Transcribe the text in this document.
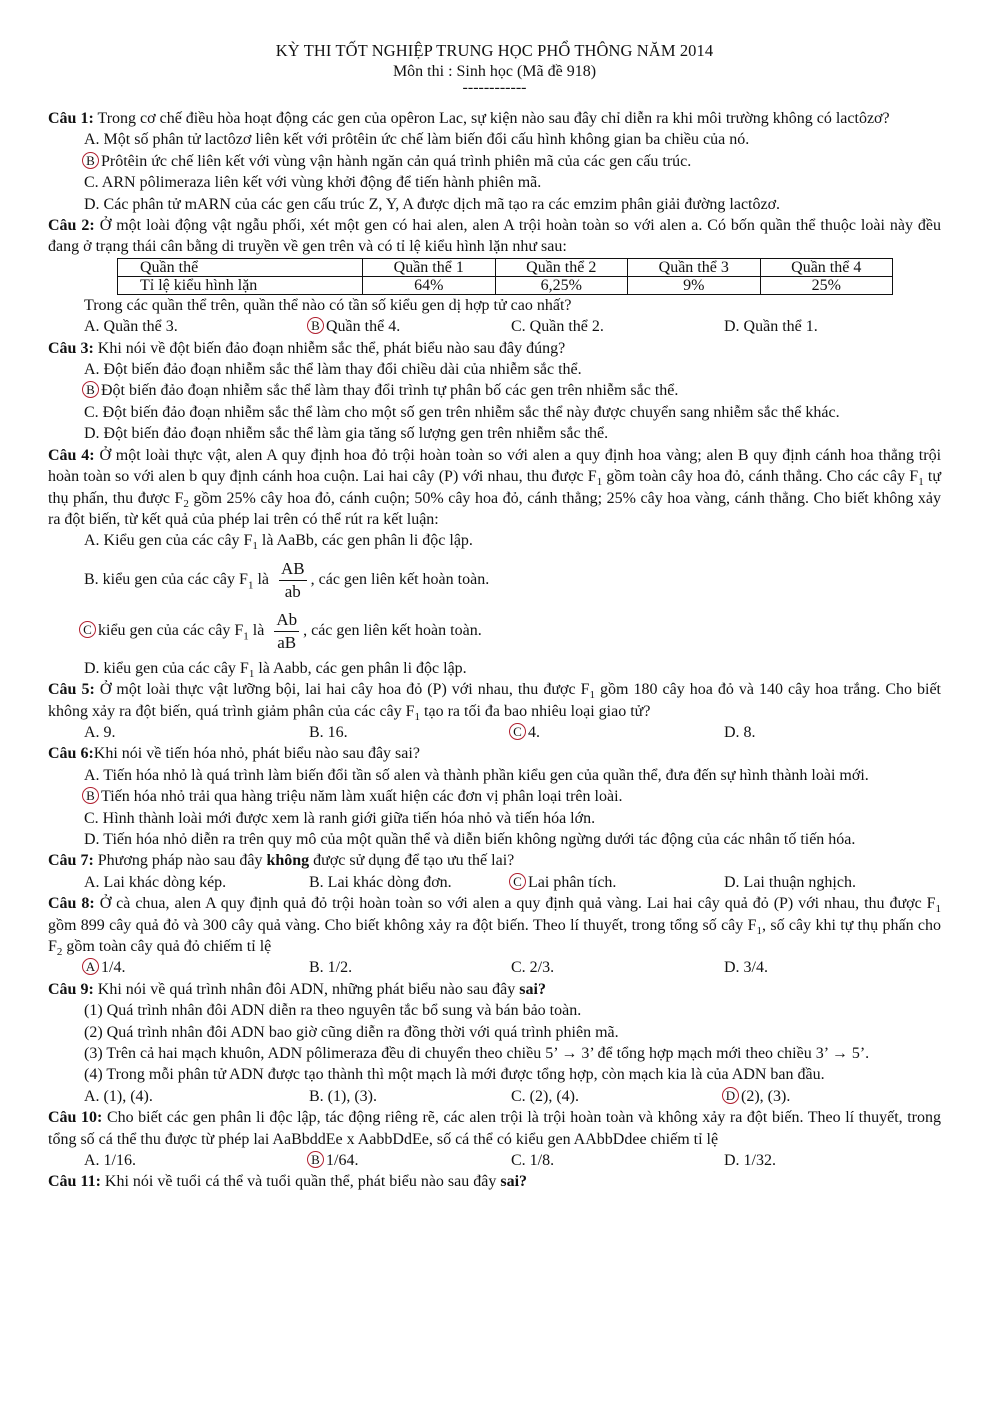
KỲ THI TỐT NGHIỆP TRUNG HỌC PHỔ THÔNG NĂM 2014
Môn thi : Sinh học (Mã đề 918)
------------

Câu 1: Trong cơ chế điều hòa hoạt động các gen của opêron Lac, sự kiện nào sau đây chỉ diễn ra khi môi trường không có lactôzơ?

A. Một số phân tử lactôzơ liên kết với prôtêin ức chế làm biến đổi cấu hình không gian ba chiều của nó.

B Prôtêin ức chế liên kết với vùng vận hành ngăn cản quá trình phiên mã của các gen cấu trúc.

C. ARN pôlimeraza liên kết với vùng khởi động để tiến hành phiên mã.

D. Các phân tử mARN của các gen cấu trúc Z, Y, A được dịch mã tạo ra các emzim phân giải đường lactôzơ.

Câu 2: Ở một loài động vật ngẫu phối, xét một gen có hai alen, alen A trội hoàn toàn so với alen a. Có bốn quần thể thuộc loài này đều đang ở trạng thái cân bằng di truyền về gen trên và có tỉ lệ kiểu hình lặn như sau:

Quần thể	Quần thể 1	Quần thể 2	Quần thể 3	Quần thể 4
Tỉ lệ kiểu hình lặn	64%	6,25%	9%	25%

Trong các quần thể trên, quần thể nào có tần số kiểu gen dị hợp tử cao nhất?

A. Quần thể 3.	B Quần thể 4.	C. Quần thể 2.	D. Quần thể 1.

Câu 3: Khi nói về đột biến đảo đoạn nhiễm sắc thể, phát biểu nào sau đây đúng?

A. Đột biến đảo đoạn nhiễm sắc thể làm thay đổi chiều dài của nhiễm sắc thể.

B Đột biến đảo đoạn nhiễm sắc thể làm thay đổi trình tự phân bố các gen trên nhiễm sắc thể.

C. Đột biến đảo đoạn nhiễm sắc thể làm cho một số gen trên nhiễm sắc thể này được chuyển sang nhiễm sắc thể khác.

D. Đột biến đảo đoạn nhiễm sắc thể làm gia tăng số lượng gen trên nhiễm sắc thể.

Câu 4: Ở một loài thực vật, alen A quy định hoa đỏ trội hoàn toàn so với alen a quy định hoa vàng; alen B quy định cánh hoa thẳng trội hoàn toàn so với alen b quy định cánh hoa cuộn. Lai hai cây (P) với nhau, thu được $F_1$ gồm toàn cây hoa đỏ, cánh thẳng. Cho các cây $F_1$ tự thụ phấn, thu được $F_2$ gồm 25% cây hoa đỏ, cánh cuộn; 50% cây hoa đỏ, cánh thẳng; 25% cây hoa vàng, cánh thẳng. Cho biết không xảy ra đột biến, từ kết quả của phép lai trên có thể rút ra kết luận:

A. Kiểu gen của các cây $F_1$ là AaBb, các gen phân li độc lập.

B. kiểu gen của các cây $F_1$ là $\frac{AB}{ab}$ , các gen liên kết hoàn toàn.

C kiểu gen của các cây $F_1$ là $\frac{Ab}{aB}$ , các gen liên kết hoàn toàn.

D. kiểu gen của các cây $F_1$ là Aabb, các gen phân li độc lập.

Câu 5: Ở một loài thực vật lưỡng bội, lai hai cây hoa đỏ (P) với nhau, thu được $F_1$ gồm 180 cây hoa đỏ và 140 cây hoa trắng. Cho biết không xảy ra đột biến, quá trình giảm phân của các cây $F_1$ tạo ra tối đa bao nhiêu loại giao tử?

A. 9.	B. 16.	C 4.	D. 8.

Câu 6:Khi nói về tiến hóa nhỏ, phát biểu nào sau đây sai?

A. Tiến hóa nhỏ là quá trình làm biến đổi tần số alen và thành phần kiểu gen của quần thể, đưa đến sự hình thành loài mới.

B Tiến hóa nhỏ trải qua hàng triệu năm làm xuất hiện các đơn vị phân loại trên loài.

C. Hình thành loài mới được xem là ranh giới giữa tiến hóa nhỏ và tiến hóa lớn.

D. Tiến hóa nhỏ diễn ra trên quy mô của một quần thể và diễn biến không ngừng dưới tác động của các nhân tố tiến hóa.

Câu 7: Phương pháp nào sau đây không được sử dụng để tạo ưu thế lai?

A. Lai khác dòng kép.	B. Lai khác dòng đơn.	C Lai phân tích.	D. Lai thuận nghịch.

Câu 8: Ở cà chua, alen A quy định quả đỏ trội hoàn toàn so với alen a quy định quả vàng. Lai hai cây quả đỏ (P) với nhau, thu được $F_1$ gồm 899 cây quả đỏ và 300 cây quả vàng. Cho biết không xảy ra đột biến. Theo lí thuyết, trong tổng số cây $F_1$, số cây khi tự thụ phấn cho $F_2$ gồm toàn cây quả đỏ chiếm tỉ lệ

A 1/4.	B. 1/2.	C. 2/3.	D. 3/4.

Câu 9: Khi nói về quá trình nhân đôi ADN, những phát biểu nào sau đây sai?

(1) Quá trình nhân đôi ADN diễn ra theo nguyên tắc bổ sung và bán bảo toàn.

(2) Quá trình nhân đôi ADN bao giờ cũng diễn ra đồng thời với quá trình phiên mã.

(3) Trên cả hai mạch khuôn, ADN pôlimeraza đều di chuyển theo chiều 5’ → 3’ để tổng hợp mạch mới theo chiều 3’ → 5’.

(4) Trong mỗi phân tử ADN được tạo thành thì một mạch là mới được tổng hợp, còn mạch kia là của ADN ban đầu.

A. (1), (4).	B. (1), (3).	C. (2), (4).	D (2), (3).

Câu 10: Cho biết các gen phân li độc lập, tác động riêng rẽ, các alen trội là trội hoàn toàn và không xảy ra đột biến. Theo lí thuyết, trong tổng số cá thể thu được từ phép lai AaBbddEe x AabbDdEe, số cá thể có kiểu gen AAbbDdee chiếm tỉ lệ

A. 1/16.	B 1/64.	C. 1/8.	D. 1/32.

Câu 11: Khi nói về tuổi cá thể và tuổi quần thể, phát biểu nào sau đây sai?
